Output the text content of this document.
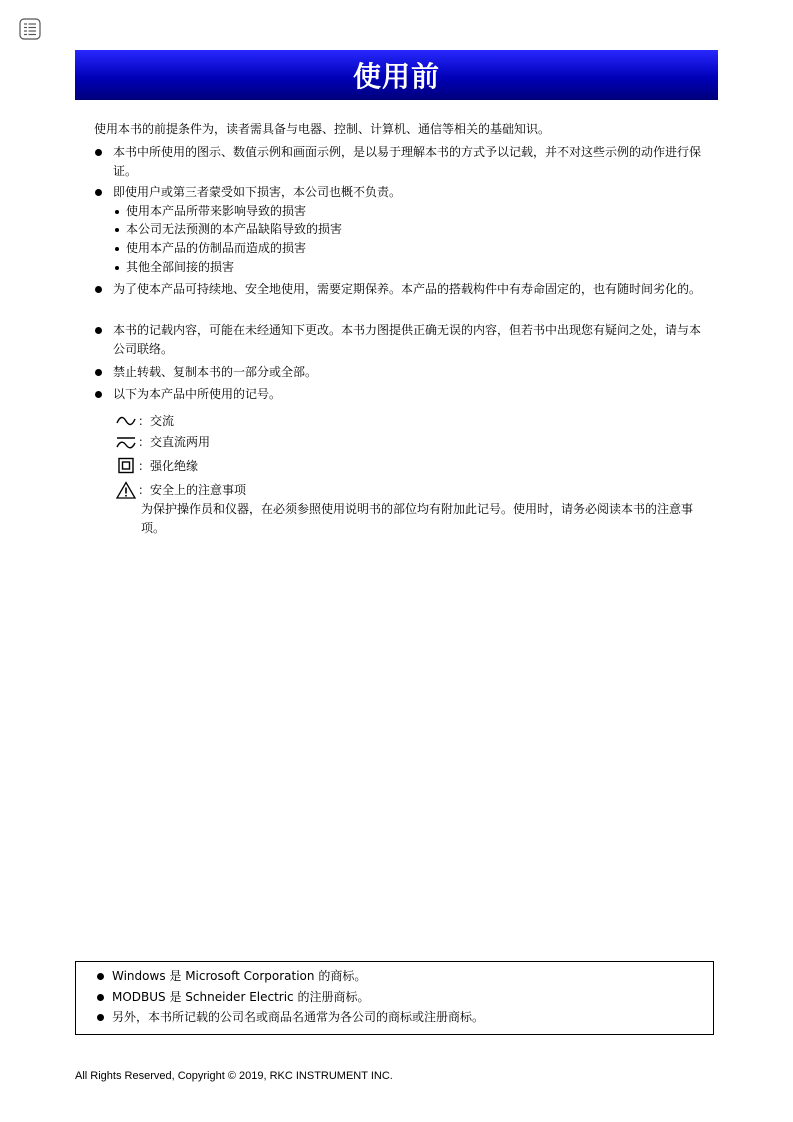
使用前
使用本书的前提条件为，读者需具备与电器、控制、计算机、通信等相关的基础知识。
本书中所使用的图示、数值示例和画面示例，是以易于理解本书的方式予以记载，并不对这些示例的动作进行保证。
即使用户或第三者蒙受如下损害，本公司也概不负责。
使用本产品所带来影响导致的损害
本公司无法预测的本产品缺陷导致的损害
使用本产品的仿制品而造成的损害
其他全部间接的损害
为了使本产品可持续地、安全地使用，需要定期保养。本产品的搭载构件中有寿命固定的，也有随时间劣化的。
本书的记载内容，可能在未经通知下更改。本书力图提供正确无误的内容，但若书中出现您有疑问之处，请与本公司联络。
禁止转载、复制本书的一部分或全部。
以下为本产品中所使用的记号。
：交流
：交直流两用
：强化绝缘
：安全上的注意事项
为保护操作员和仪器，在必须参照使用说明书的部位均有附加此记号。使用时，请务必阅读本书的注意事项。
Windows 是 Microsoft Corporation 的商标。
MODBUS 是 Schneider Electric 的注册商标。
另外，本书所记载的公司名或商品名通常为各公司的商标或注册商标。
All Rights Reserved, Copyright © 2019, RKC INSTRUMENT INC.
